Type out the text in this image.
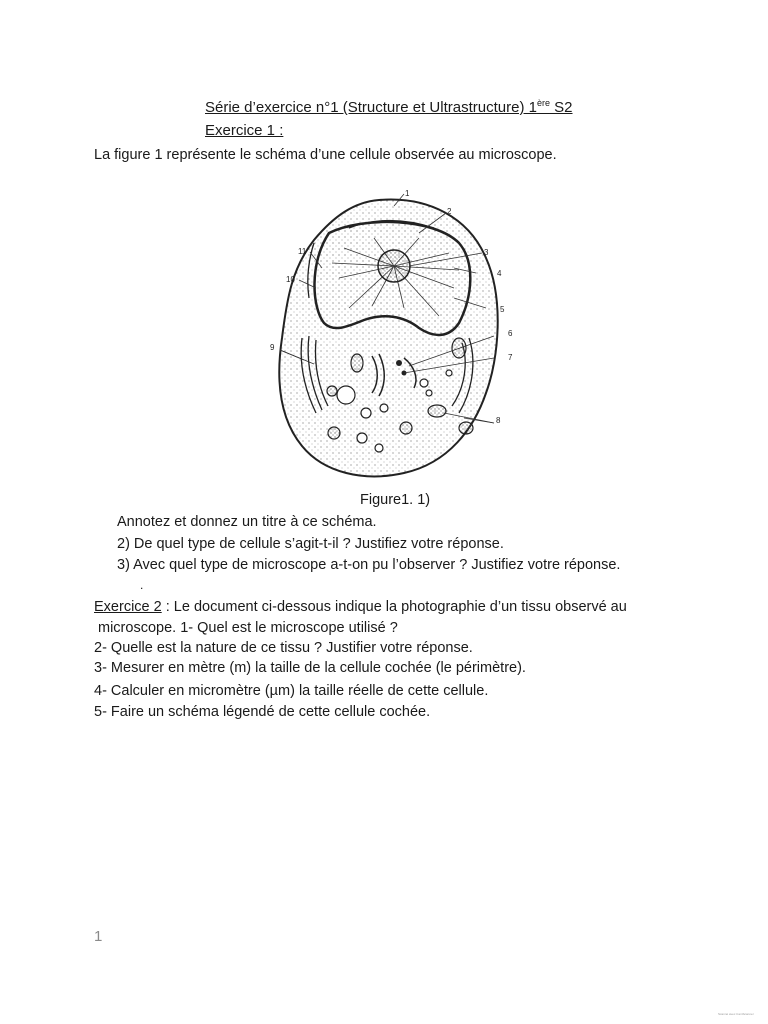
Série d’exercice n°1 (Structure et Ultrastructure) 1ère S2
Exercice 1 :
La figure 1 représente le schéma d’une cellule observée au microscope.
1
2
3
4
5
6
7
8
9
10
11
Figure1. 1)
Annotez et donnez un titre à ce schéma.
2) De quel type de cellule s’agit-t-il ? Justifiez votre réponse.
3) Avec quel type de microscope a-t-on pu l’observer ? Justifiez votre réponse.
.
Exercice 2 : Le document ci-dessous indique la photographie d’un tissu observé au
microscope. 1- Quel est le microscope utilisé ?
2- Quelle est la nature de ce tissu ? Justifier votre réponse.
3- Mesurer en mètre (m) la taille de la cellule cochée (le périmètre).
4- Calculer en micromètre (µm) la taille réelle de cette cellule.
5- Faire un schéma légendé de cette cellule cochée.
1
Scanné avec CamScanner
